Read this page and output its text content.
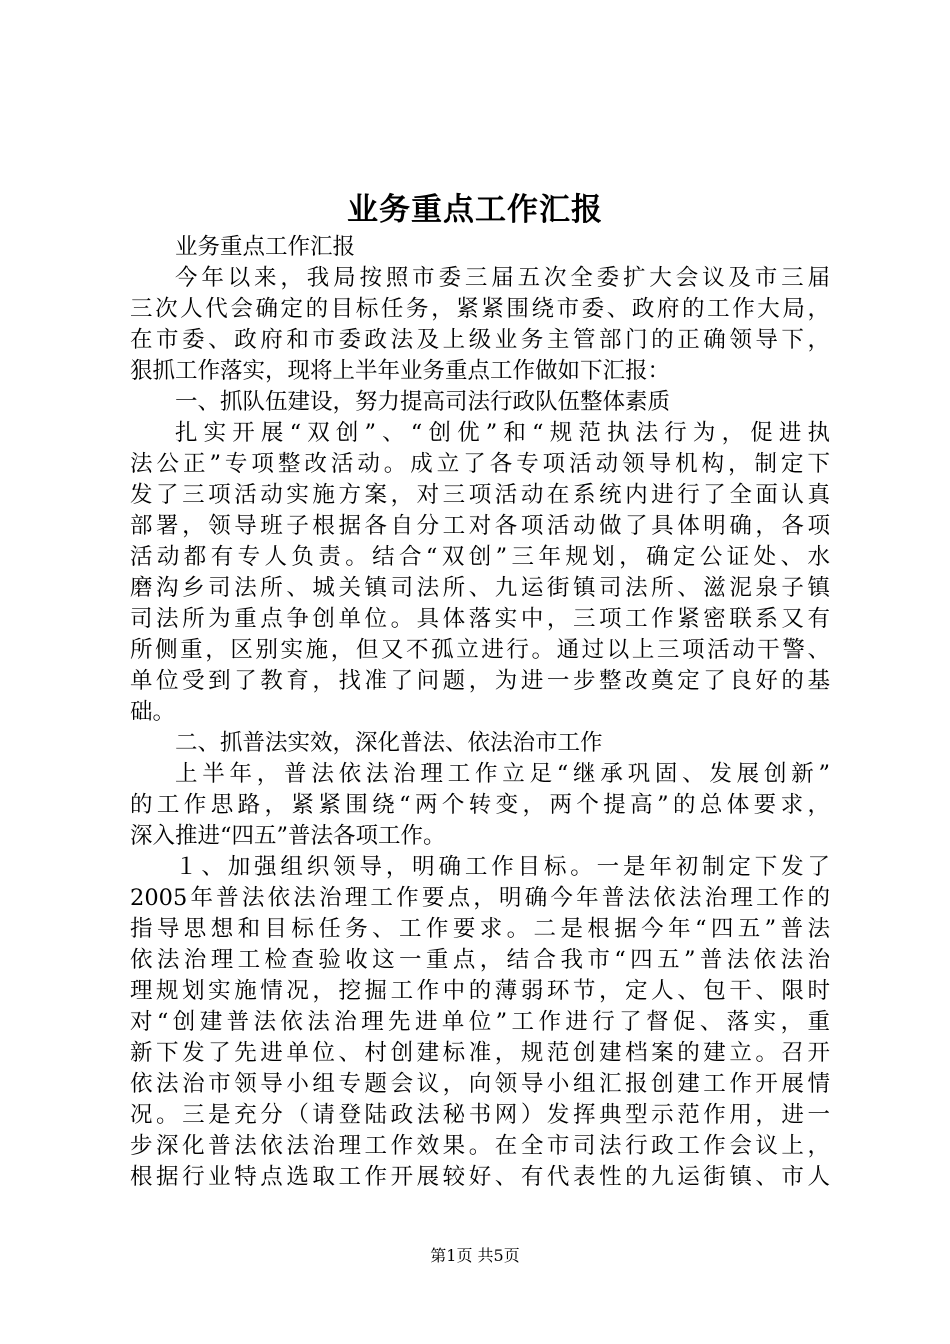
业务重点工作汇报
业务重点工作汇报
今年以来，我局按照市委三届五次全委扩大会议及市三届
三次人代会确定的目标任务，紧紧围绕市委、政府的工作大局，
在市委、政府和市委政法及上级业务主管部门的正确领导下，
狠抓工作落实，现将上半年业务重点工作做如下汇报：
一、抓队伍建设，努力提高司法行政队伍整体素质
扎实开展“双创”、“创优”和“规范执法行为，促进执
法公正”专项整改活动。成立了各专项活动领导机构，制定下
发了三项活动实施方案，对三项活动在系统内进行了全面认真
部署，领导班子根据各自分工对各项活动做了具体明确，各项
活动都有专人负责。结合“双创”三年规划，确定公证处、水
磨沟乡司法所、城关镇司法所、九运街镇司法所、滋泥泉子镇
司法所为重点争创单位。具体落实中，三项工作紧密联系又有
所侧重，区别实施，但又不孤立进行。通过以上三项活动干警、
单位受到了教育，找准了问题，为进一步整改奠定了良好的基
础。
二、抓普法实效，深化普法、依法治市工作
上半年，普法依法治理工作立足“继承巩固、发展创新”
的工作思路，紧紧围绕“两个转变，两个提高”的总体要求，
深入推进“四五”普法各项工作。
１、加强组织领导，明确工作目标。一是年初制定下发了
2005年普法依法治理工作要点，明确今年普法依法治理工作的
指导思想和目标任务、工作要求。二是根据今年“四五”普法
依法治理工检查验收这一重点，结合我市“四五”普法依法治
理规划实施情况，挖掘工作中的薄弱环节，定人、包干、限时
对“创建普法依法治理先进单位”工作进行了督促、落实，重
新下发了先进单位、村创建标准，规范创建档案的建立。召开
依法治市领导小组专题会议，向领导小组汇报创建工作开展情
况。三是充分（请登陆政法秘书网）发挥典型示范作用，进一
步深化普法依法治理工作效果。在全市司法行政工作会议上，
根据行业特点选取工作开展较好、有代表性的九运街镇、市人
第1页 共5页
